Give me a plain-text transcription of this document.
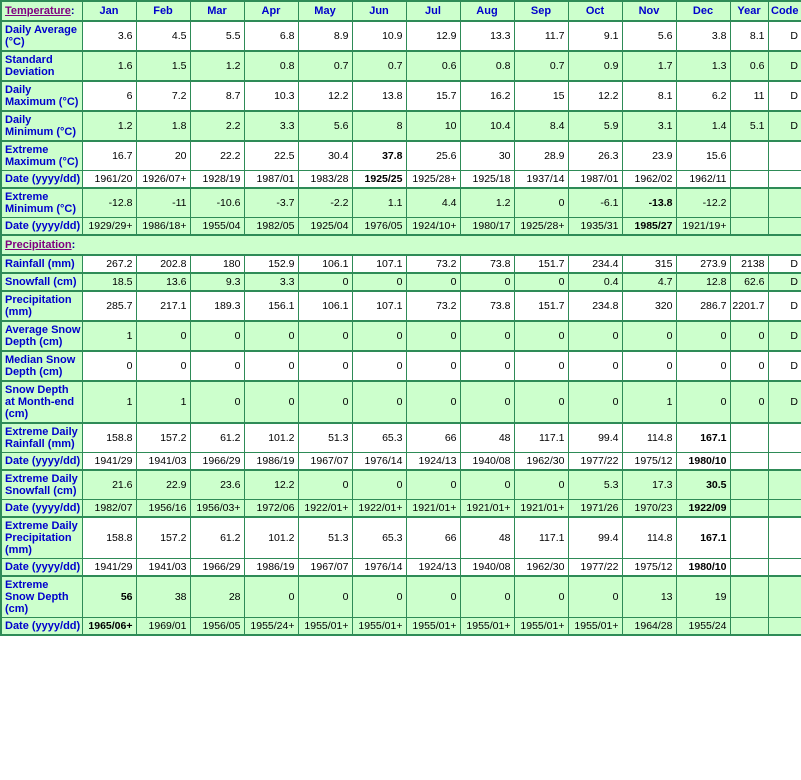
Temperature:	Jan	Feb	Mar	Apr	May	Jun	Jul	Aug	Sep	Oct	Nov	Dec	Year	Code
Daily Average (°C)	3.6	4.5	5.5	6.8	8.9	10.9	12.9	13.3	11.7	9.1	5.6	3.8	8.1	D
Standard Deviation	1.6	1.5	1.2	0.8	0.7	0.7	0.6	0.8	0.7	0.9	1.7	1.3	0.6	D
Daily Maximum (°C)	6	7.2	8.7	10.3	12.2	13.8	15.7	16.2	15	12.2	8.1	6.2	11	D
Daily Minimum (°C)	1.2	1.8	2.2	3.3	5.6	8	10	10.4	8.4	5.9	3.1	1.4	5.1	D
Extreme Maximum (°C)	16.7	20	22.2	22.5	30.4	37.8	25.6	30	28.9	26.3	23.9	15.6		
Date (yyyy/dd)	1961/20	1926/07+	1928/19	1987/01	1983/28	1925/25	1925/28+	1925/18	1937/14	1987/01	1962/02	1962/11		
Extreme Minimum (°C)	-12.8	-11	-10.6	-3.7	-2.2	1.1	4.4	1.2	0	-6.1	-13.8	-12.2		
Date (yyyy/dd)	1929/29+	1986/18+	1955/04	1982/05	1925/04	1976/05	1924/10+	1980/17	1925/28+	1935/31	1985/27	1921/19+		
Precipitation:														
Rainfall (mm)	267.2	202.8	180	152.9	106.1	107.1	73.2	73.8	151.7	234.4	315	273.9	2138	D
Snowfall (cm)	18.5	13.6	9.3	3.3	0	0	0	0	0	0.4	4.7	12.8	62.6	D
Precipitation (mm)	285.7	217.1	189.3	156.1	106.1	107.1	73.2	73.8	151.7	234.8	320	286.7	2201.7	D
Average Snow Depth (cm)	1	0	0	0	0	0	0	0	0	0	0	0	0	D
Median Snow Depth (cm)	0	0	0	0	0	0	0	0	0	0	0	0	0	D
Snow Depth at Month-end (cm)	1	1	0	0	0	0	0	0	0	0	1	0	0	D
Extreme Daily Rainfall (mm)	158.8	157.2	61.2	101.2	51.3	65.3	66	48	117.1	99.4	114.8	167.1		
Date (yyyy/dd)	1941/29	1941/03	1966/29	1986/19	1967/07	1976/14	1924/13	1940/08	1962/30	1977/22	1975/12	1980/10		
Extreme Daily Snowfall (cm)	21.6	22.9	23.6	12.2	0	0	0	0	0	5.3	17.3	30.5		
Date (yyyy/dd)	1982/07	1956/16	1956/03+	1972/06	1922/01+	1922/01+	1921/01+	1921/01+	1921/01+	1971/26	1970/23	1922/09		
Extreme Daily Precipitation (mm)	158.8	157.2	61.2	101.2	51.3	65.3	66	48	117.1	99.4	114.8	167.1		
Date (yyyy/dd)	1941/29	1941/03	1966/29	1986/19	1967/07	1976/14	1924/13	1940/08	1962/30	1977/22	1975/12	1980/10		
Extreme Snow Depth (cm)	56	38	28	0	0	0	0	0	0	0	13	19		
Date (yyyy/dd)	1965/06+	1969/01	1956/05	1955/24+	1955/01+	1955/01+	1955/01+	1955/01+	1955/01+	1955/01+	1964/28	1955/24		
